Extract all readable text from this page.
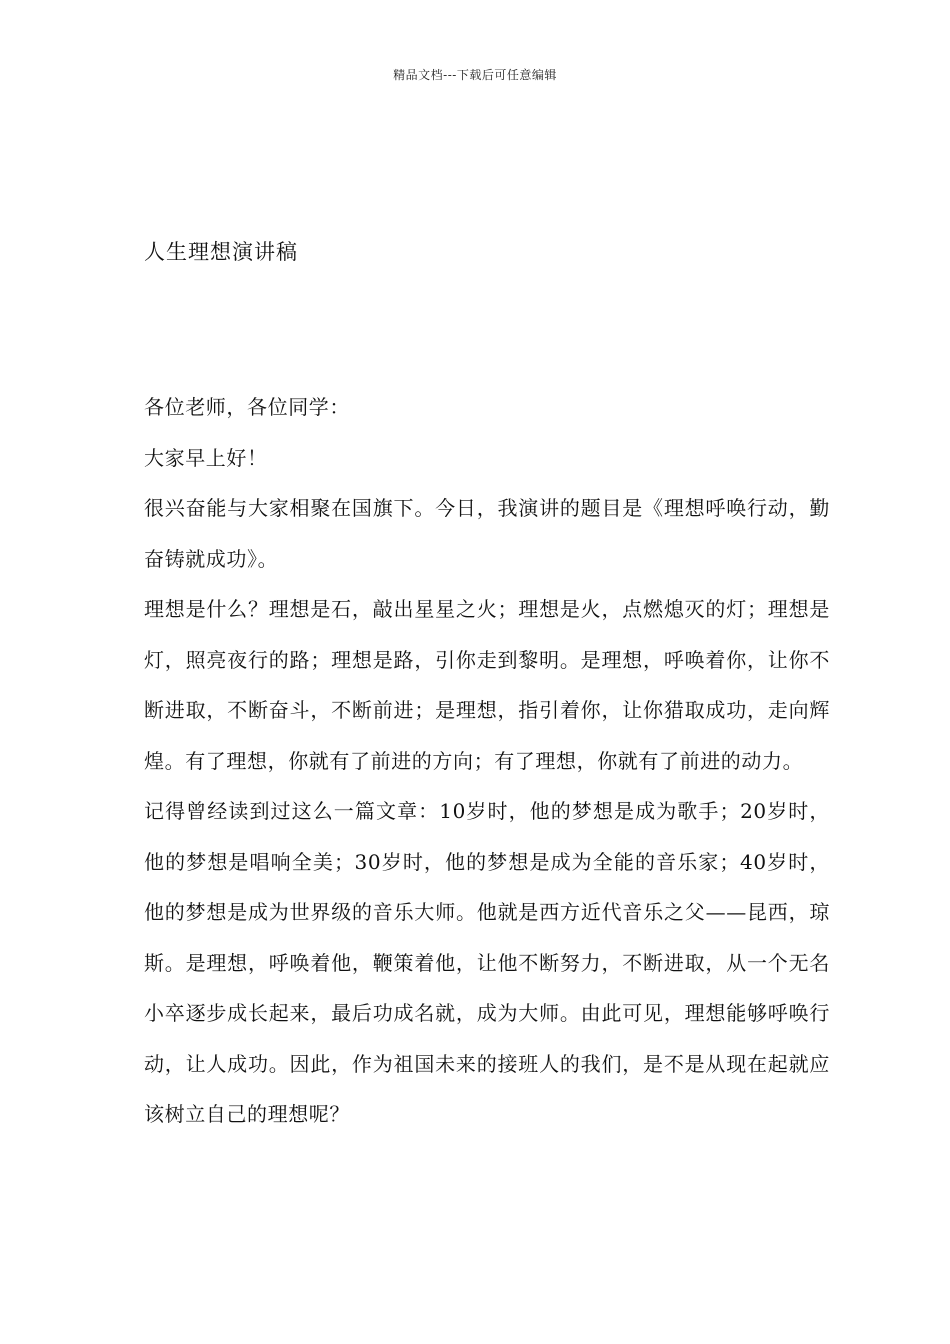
精品文档---下载后可任意编辑
人生理想演讲稿

各位老师，各位同学：

大家早上好！

很兴奋能与大家相聚在国旗下。今日，我演讲的题目是《理想呼唤行动，勤奋铸就成功》。

理想是什么？理想是石，敲出星星之火；理想是火，点燃熄灭的灯；理想是灯，照亮夜行的路；理想是路，引你走到黎明。是理想，呼唤着你，让你不断进取，不断奋斗，不断前进；是理想，指引着你，让你猎取成功，走向辉煌。有了理想，你就有了前进的方向；有了理想，你就有了前进的动力。

记得曾经读到过这么一篇文章：10岁时，他的梦想是成为歌手；20岁时，他的梦想是唱响全美；30岁时，他的梦想是成为全能的音乐家；40岁时，他的梦想是成为世界级的音乐大师。他就是西方近代音乐之父——昆西，琼斯。是理想，呼唤着他，鞭策着他，让他不断努力，不断进取，从一个无名小卒逐步成长起来，最后功成名就，成为大师。由此可见，理想能够呼唤行动，让人成功。因此，作为祖国未来的接班人的我们，是不是从现在起就应该树立自己的理想呢？
